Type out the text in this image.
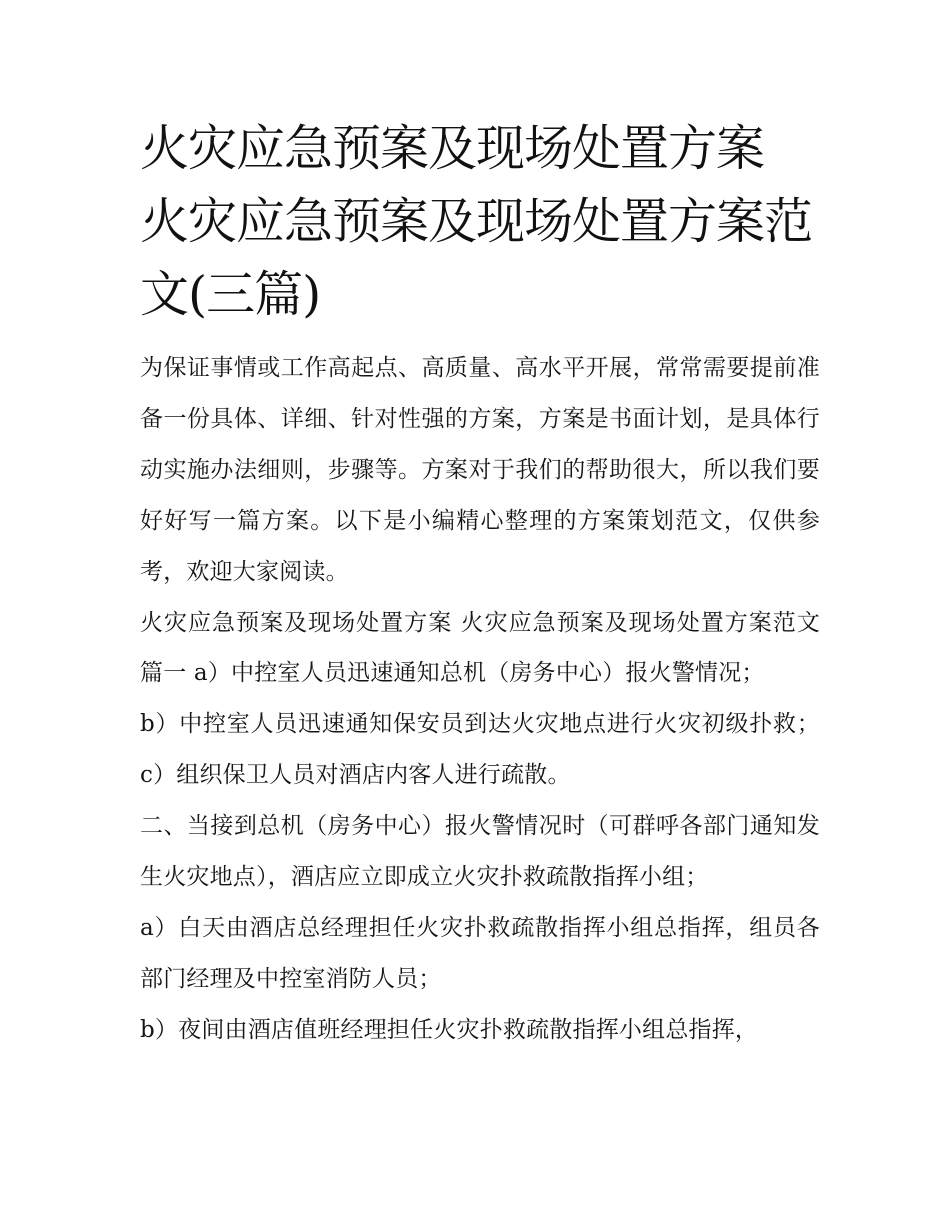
火灾应急预案及现场处置方案 火灾应急预案及现场处置方案范文(三篇)

为保证事情或工作高起点、高质量、高水平开展，常常需要提前准备一份具体、详细、针对性强的方案，方案是书面计划，是具体行动实施办法细则，步骤等。方案对于我们的帮助很大，所以我们要好好写一篇方案。以下是小编精心整理的方案策划范文，仅供参考，欢迎大家阅读。

火灾应急预案及现场处置方案 火灾应急预案及现场处置方案范文篇一 a）中控室人员迅速通知总机（房务中心）报火警情况；

b）中控室人员迅速通知保安员到达火灾地点进行火灾初级扑救； c）组织保卫人员对酒店内客人进行疏散。

二、当接到总机（房务中心）报火警情况时（可群呼各部门通知发生火灾地点），酒店应立即成立火灾扑救疏散指挥小组；

a）白天由酒店总经理担任火灾扑救疏散指挥小组总指挥，组员各部门经理及中控室消防人员；

b）夜间由酒店值班经理担任火灾扑救疏散指挥小组总指挥，
